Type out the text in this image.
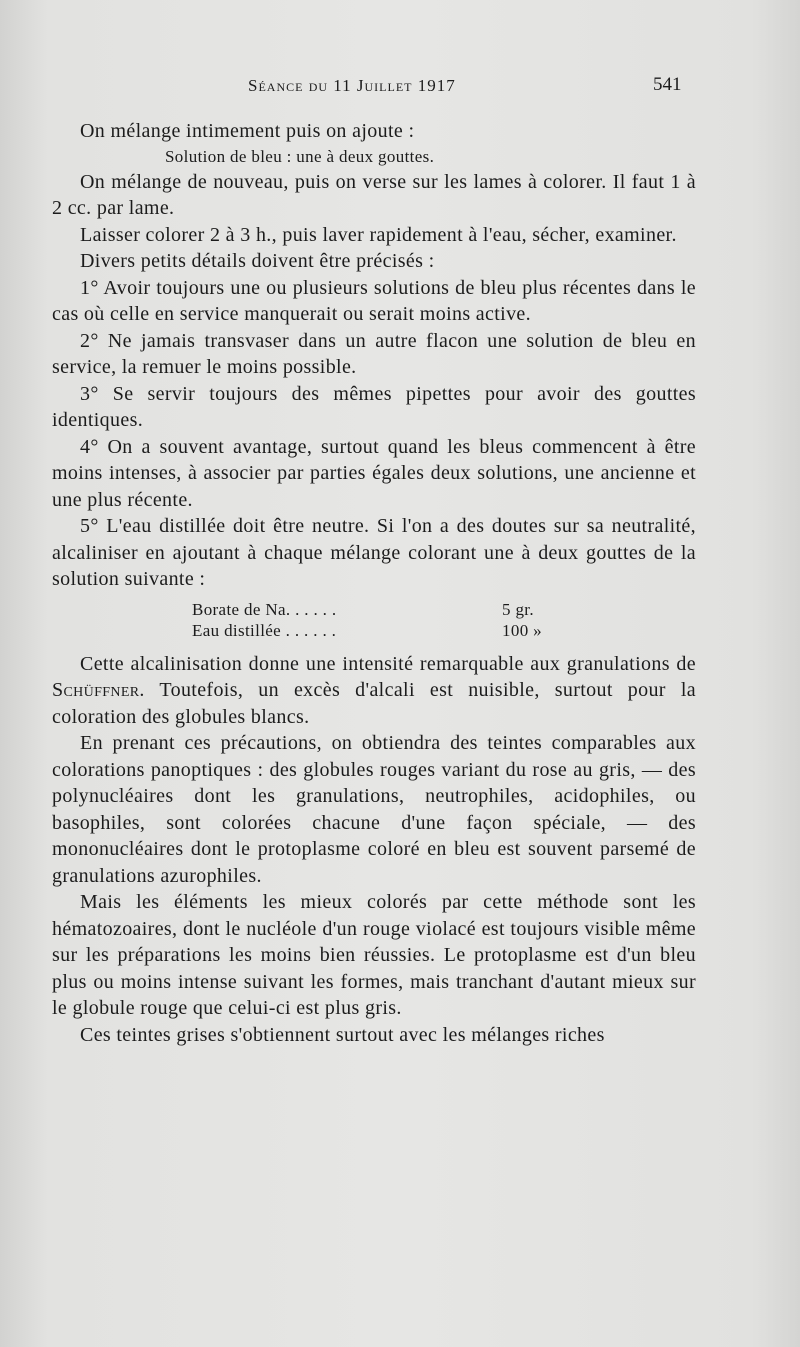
Séance du 11 Juillet 1917	541

On mélange intimement puis on ajoute :

Solution de bleu : une à deux gouttes.

On mélange de nouveau, puis on verse sur les lames à colorer. Il faut 1 à 2 cc. par lame.

Laisser colorer 2 à 3 h., puis laver rapidement à l'eau, sécher, examiner.

Divers petits détails doivent être précisés :

1° Avoir toujours une ou plusieurs solutions de bleu plus récentes dans le cas où celle en service manquerait ou serait moins active.

2° Ne jamais transvaser dans un autre flacon une solution de bleu en service, la remuer le moins possible.

3° Se servir toujours des mêmes pipettes pour avoir des gouttes identiques.

4° On a souvent avantage, surtout quand les bleus commencent à être moins intenses, à associer par parties égales deux solutions, une ancienne et une plus récente.

5° L'eau distillée doit être neutre. Si l'on a des doutes sur sa neutralité, alcaliniser en ajoutant à chaque mélange colorant une à deux gouttes de la solution suivante :

Borate de Na. . . . . .	5 gr.
Eau distillée . . . . . .	100 »

Cette alcalinisation donne une intensité remarquable aux granulations de Schüffner. Toutefois, un excès d'alcali est nuisible, surtout pour la coloration des globules blancs.

En prenant ces précautions, on obtiendra des teintes comparables aux colorations panoptiques : des globules rouges variant du rose au gris, — des polynucléaires dont les granulations, neutrophiles, acidophiles, ou basophiles, sont colorées chacune d'une façon spéciale, — des mononucléaires dont le protoplasme coloré en bleu est souvent parsemé de granulations azurophiles.

Mais les éléments les mieux colorés par cette méthode sont les hématozoaires, dont le nucléole d'un rouge violacé est toujours visible même sur les préparations les moins bien réussies. Le protoplasme est d'un bleu plus ou moins intense suivant les formes, mais tranchant d'autant mieux sur le globule rouge que celui-ci est plus gris.

Ces teintes grises s'obtiennent surtout avec les mélanges riches
